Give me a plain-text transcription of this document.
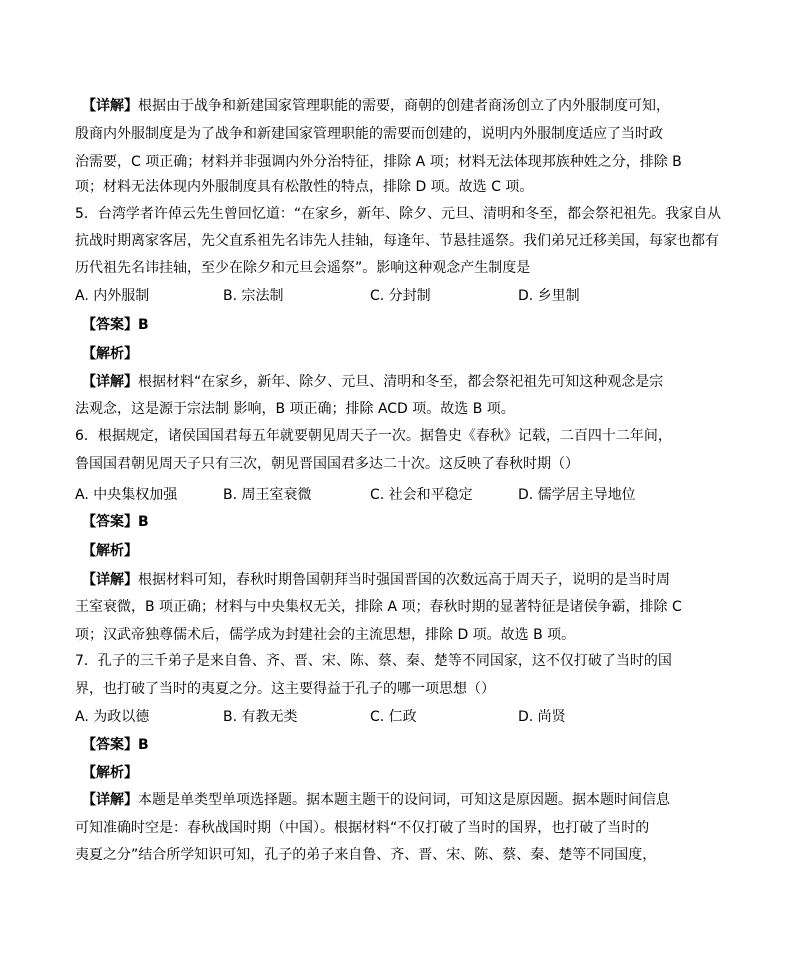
【详解】根据由于战争和新建国家管理职能的需要，商朝的创建者商汤创立了内外服制度可知，
殷商内外服制度是为了战争和新建国家管理职能的需要而创建的，说明内外服制度适应了当时政
治需要，C 项正确；材料并非强调内外分治特征，排除 A 项；材料无法体现邦族种姓之分，排除 B
项；材料无法体现内外服制度具有松散性的特点，排除 D 项。故选 C 项。
5．台湾学者许倬云先生曾回忆道：“在家乡，新年、除夕、元旦、清明和冬至，都会祭祀祖先。我家自从
抗战时期离家客居，先父直系祖先名讳先人挂轴，每逢年、节悬挂遥祭。我们弟兄迁移美国，每家也都有
历代祖先名讳挂轴，至少在除夕和元旦会遥祭”。影响这种观念产生制度是
A. 内外服制	B. 宗法制	C. 分封制	D. 乡里制
【答案】B
【解析】
【详解】根据材料“在家乡，新年、除夕、元旦、清明和冬至，都会祭祀祖先可知这种观念是宗
法观念，这是源于宗法制 影响，B 项正确；排除 ACD 项。故选 B 项。
6．根据规定，诸侯国国君每五年就要朝见周天子一次。据鲁史《春秋》记载，二百四十二年间，
鲁国国君朝见周天子只有三次，朝见晋国国君多达二十次。这反映了春秋时期（）
A. 中央集权加强	B. 周王室衰微	C. 社会和平稳定	D. 儒学居主导地位
【答案】B
【解析】
【详解】根据材料可知，春秋时期鲁国朝拜当时强国晋国的次数远高于周天子，说明的是当时周
王室衰微，B 项正确；材料与中央集权无关，排除 A 项；春秋时期的显著特征是诸侯争霸，排除 C
项；汉武帝独尊儒术后，儒学成为封建社会的主流思想，排除 D 项。故选 B 项。
7．孔子的三千弟子是来自鲁、齐、晋、宋、陈、蔡、秦、楚等不同国家，这不仅打破了当时的国
界，也打破了当时的夷夏之分。这主要得益于孔子的哪一项思想（）
A. 为政以德	B. 有教无类	C. 仁政	D. 尚贤
【答案】B
【解析】
【详解】本题是单类型单项选择题。据本题主题干的设问词，可知这是原因题。据本题时间信息
可知准确时空是：春秋战国时期（中国）。根据材料“不仅打破了当时的国界，也打破了当时的
夷夏之分”结合所学知识可知，孔子的弟子来自鲁、齐、晋、宋、陈、蔡、秦、楚等不同国度，
